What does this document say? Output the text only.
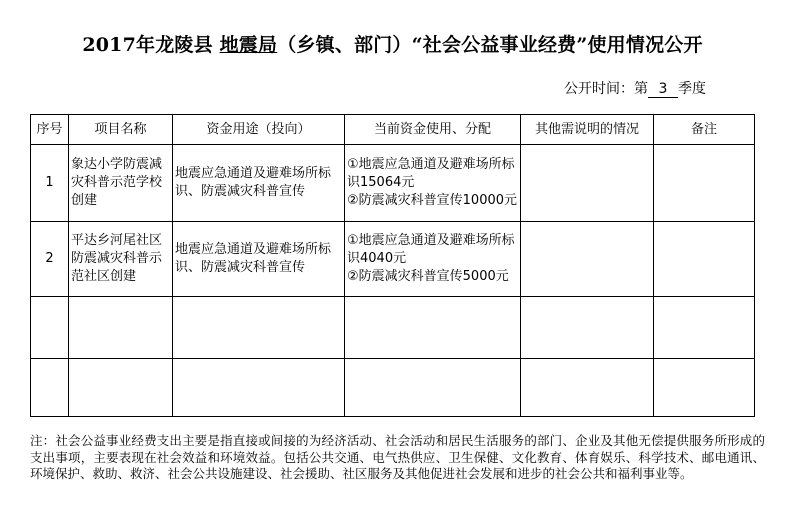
2017年龙陵县 地震局（乡镇、部门）“社会公益事业经费”使用情况公开
公开时间：第 3 季度
序号	项目名称	资金用途（投向）	当前资金使用、分配	其他需说明的情况	备注
1	象达小学防震减灾科普示范学校创建	地震应急通道及避难场所标识、防震减灾科普宣传	①地震应急通道及避难场所标识15064元
②防震减灾科普宣传10000元		

2	平达乡河尾社区防震减灾科普示范社区创建	地震应急通道及避难场所标识、防震减灾科普宣传	①地震应急通道及避难场所标识4040元
②防震减灾科普宣传5000元		

注：社会公益事业经费支出主要是指直接或间接的为经济活动、社会活动和居民生活服务的部门、企业及其他无偿提供服务所形成的支出事项，主要表现在社会效益和环境效益。包括公共交通、电气热供应、卫生保健、文化教育、体育娱乐、科学技术、邮电通讯、环境保护、救助、救济、社会公共设施建设、社会援助、社区服务及其他促进社会发展和进步的社会公共和福利事业等。
